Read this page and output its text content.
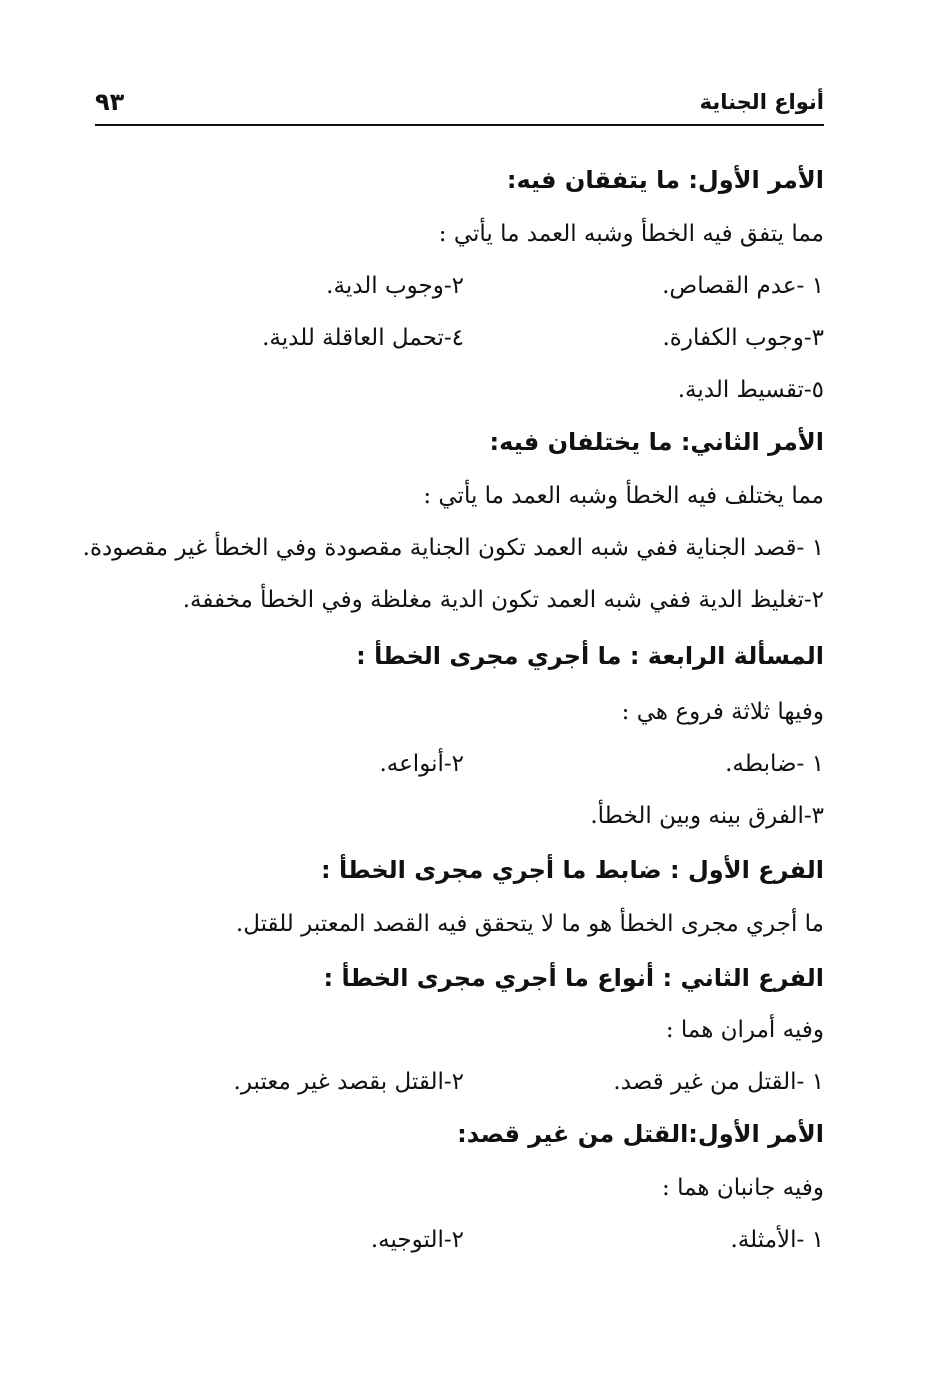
أنواع الجناية
٩٣
الأمر الأول: ما يتفقان فيه:
مما يتفق فيه الخطأ وشبه العمد ما يأتي :
١ -عدم القصاص.
٢-وجوب الدية.
٣-وجوب الكفارة.
٤-تحمل العاقلة للدية.
٥-تقسيط الدية.
الأمر الثاني: ما يختلفان فيه:
مما يختلف فيه الخطأ وشبه العمد ما يأتي :
١ -قصد الجناية ففي شبه العمد تكون الجناية مقصودة وفي الخطأ غير مقصودة.
٢-تغليظ الدية ففي شبه العمد تكون الدية مغلظة وفي الخطأ مخففة.
المسألة الرابعة : ما أجري مجرى الخطأ :
وفيها ثلاثة فروع هي :
١ -ضابطه.
٢-أنواعه.
٣-الفرق بينه وبين الخطأ.
الفرع الأول : ضابط ما أجري مجرى الخطأ :
ما أجري مجرى الخطأ هو ما لا يتحقق فيه القصد المعتبر للقتل.
الفرع الثاني : أنواع ما أجري مجرى الخطأ :
وفيه أمران هما :
١ -القتل من غير قصد.
٢-القتل بقصد غير معتبر.
الأمر الأول:القتل من غير قصد:
وفيه جانبان هما :
١ -الأمثلة.
٢-التوجيه.
